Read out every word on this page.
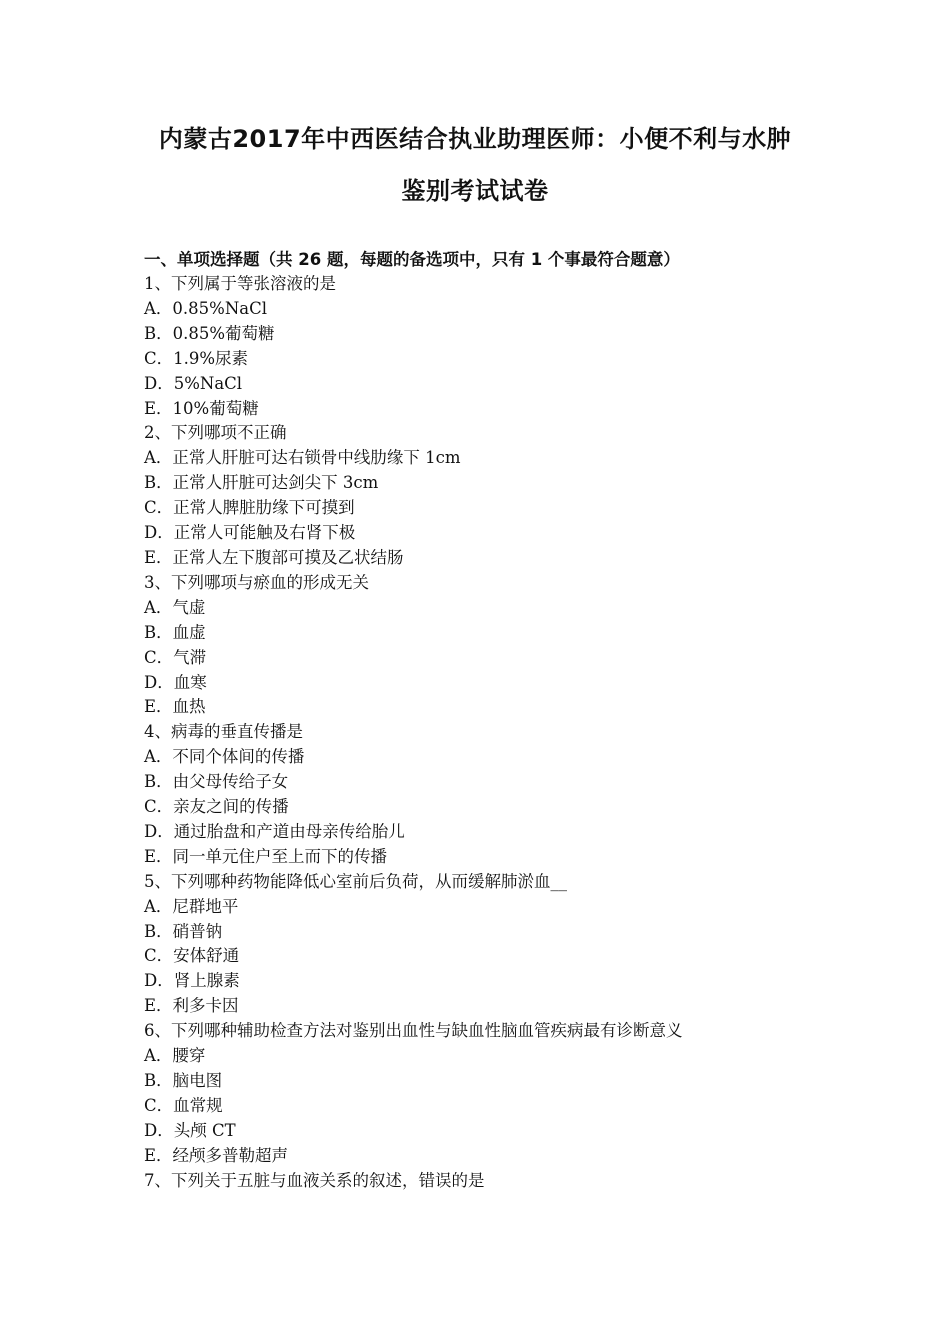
内蒙古2017年中西医结合执业助理医师：小便不利与水肿
鉴别考试试卷
一、单项选择题（共 26 题，每题的备选项中，只有 1 个事最符合题意）
1、下列属于等张溶液的是
A．0.85%NaCl
B．0.85%葡萄糖
C．1.9%尿素
D．5%NaCl
E．10%葡萄糖
2、下列哪项不正确
A．正常人肝脏可达右锁骨中线肋缘下 1cm
B．正常人肝脏可达剑尖下 3cm
C．正常人脾脏肋缘下可摸到
D．正常人可能触及右肾下极
E．正常人左下腹部可摸及乙状结肠
3、下列哪项与瘀血的形成无关
A．气虚
B．血虚
C．气滞
D．血寒
E．血热
4、病毒的垂直传播是
A．不同个体间的传播
B．由父母传给子女
C．亲友之间的传播
D．通过胎盘和产道由母亲传给胎儿
E．同一单元住户至上而下的传播
5、下列哪种药物能降低心室前后负荷，从而缓解肺淤血__
A．尼群地平
B．硝普钠
C．安体舒通
D．肾上腺素
E．利多卡因
6、下列哪种辅助检查方法对鉴别出血性与缺血性脑血管疾病最有诊断意义
A．腰穿
B．脑电图
C．血常规
D．头颅 CT
E．经颅多普勒超声
7、下列关于五脏与血液关系的叙述，错误的是
